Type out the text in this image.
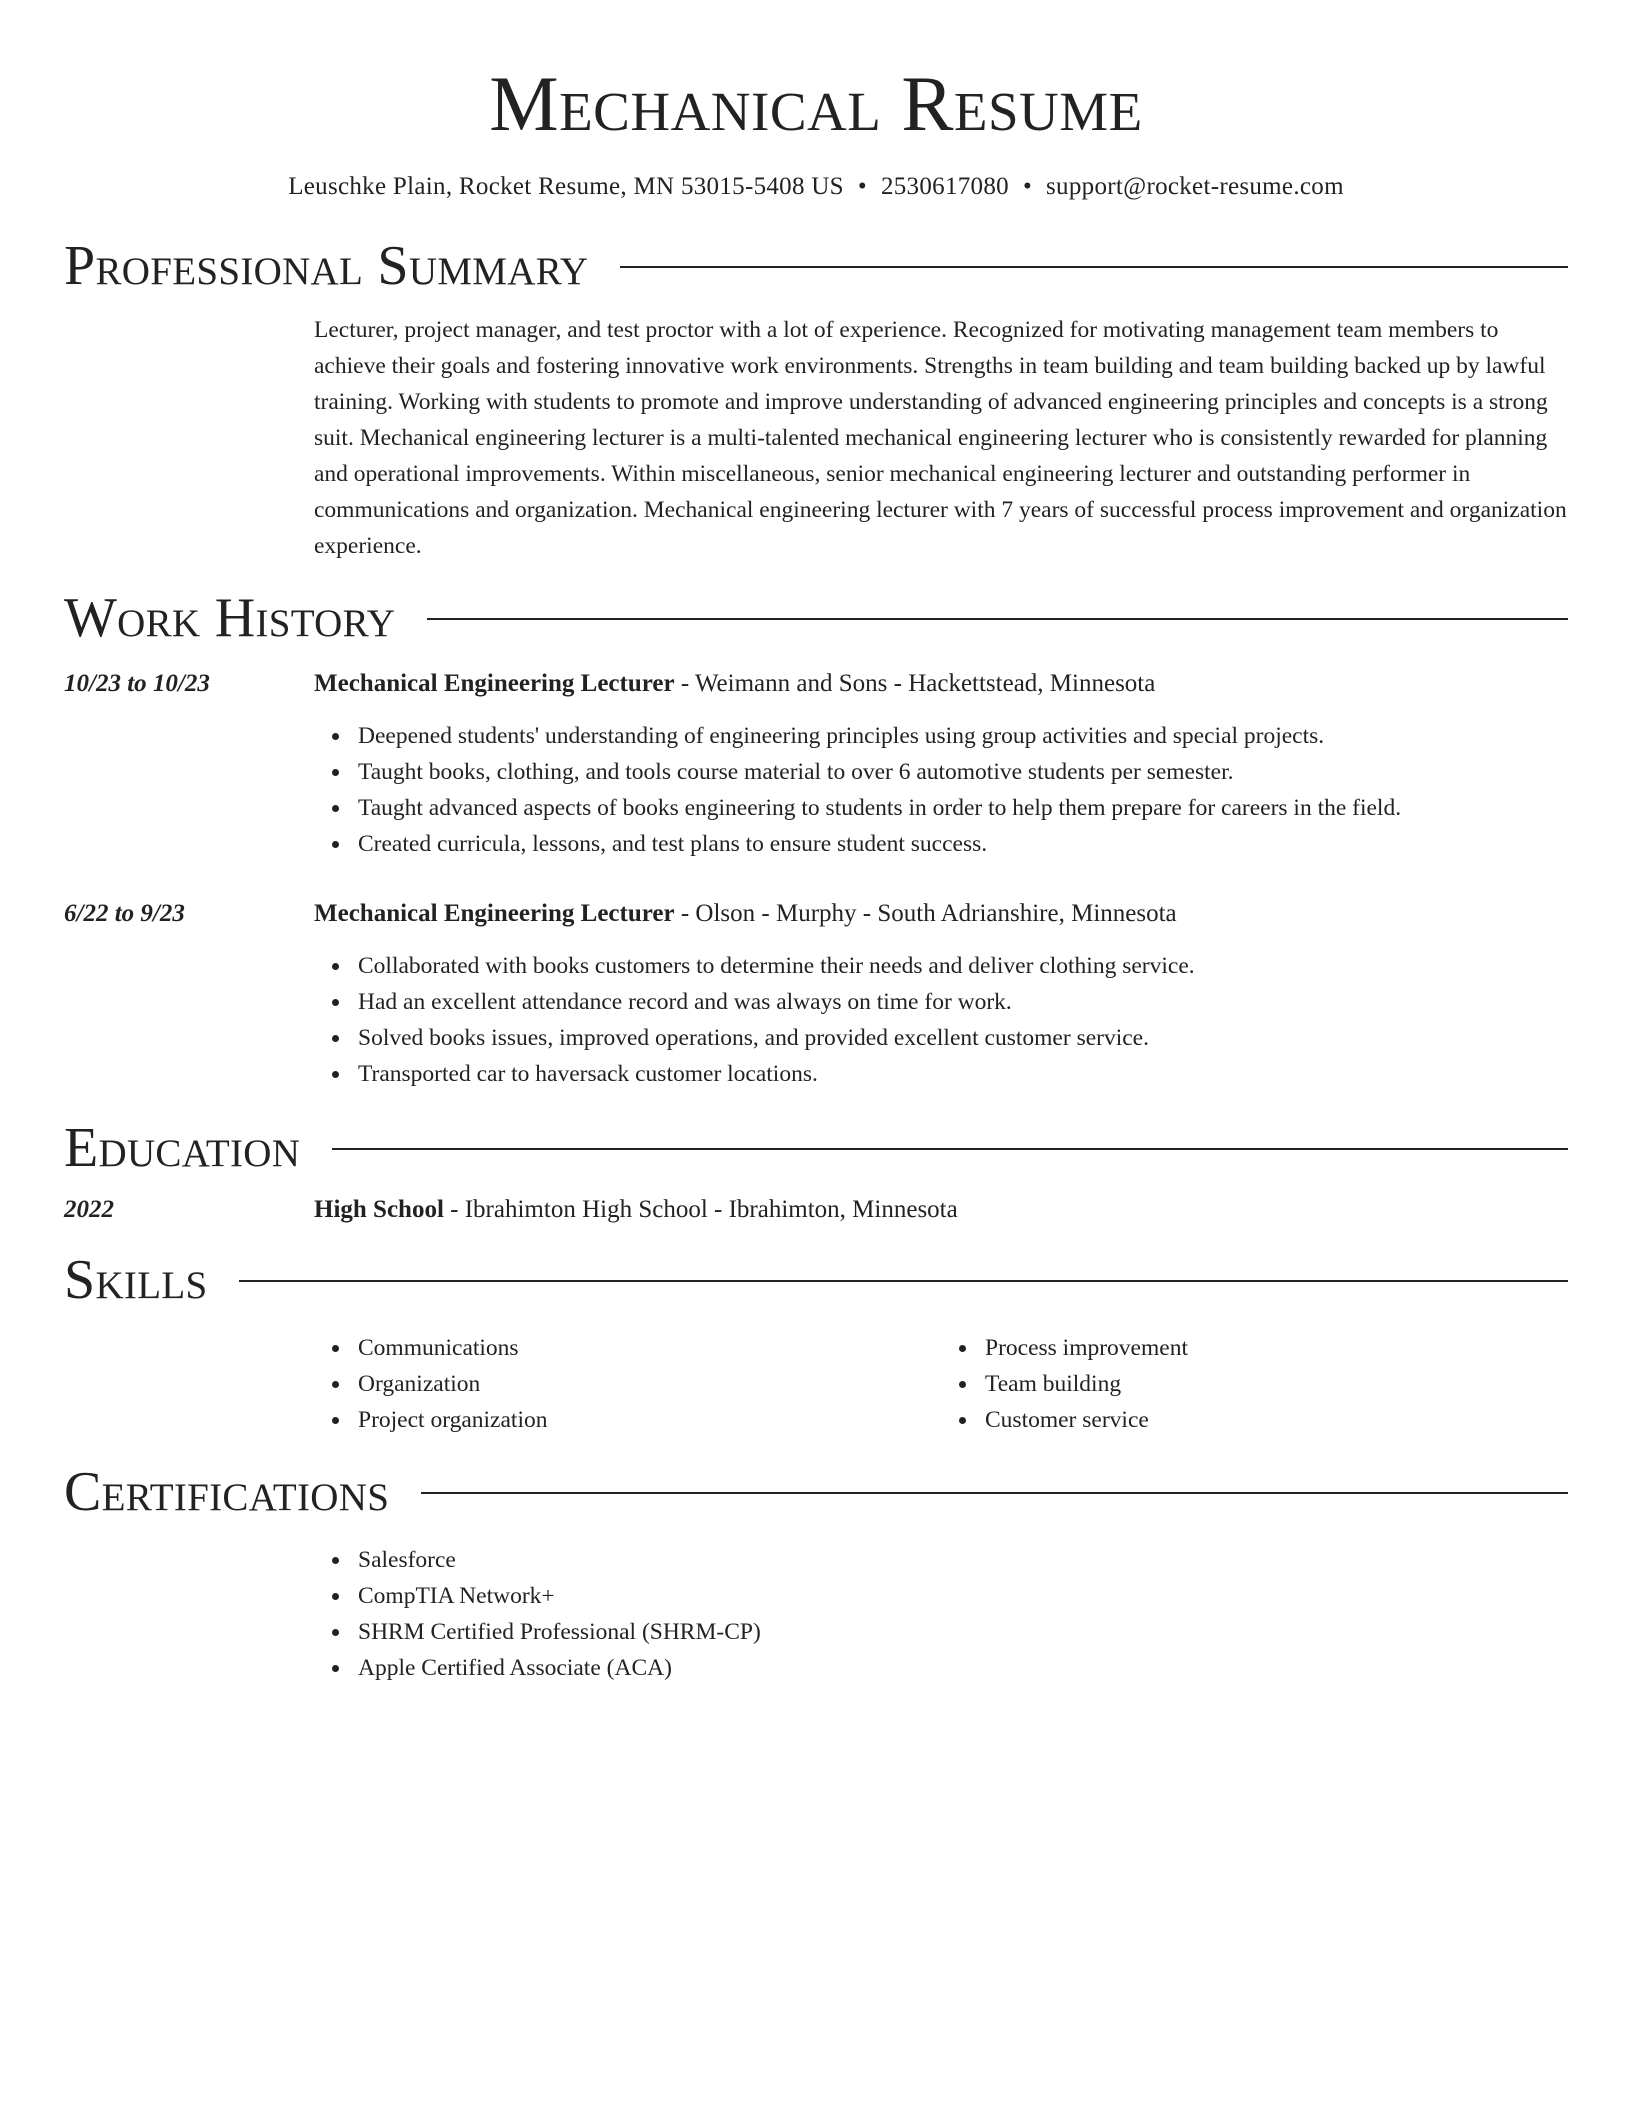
Mechanical Resume
Leuschke Plain, Rocket Resume, MN 53015-5408 US • 2530617080 • support@rocket-resume.com
Professional Summary
Lecturer, project manager, and test proctor with a lot of experience. Recognized for motivating management team members to achieve their goals and fostering innovative work environments. Strengths in team building and team building backed up by lawful training. Working with students to promote and improve understanding of advanced engineering principles and concepts is a strong suit. Mechanical engineering lecturer is a multi-talented mechanical engineering lecturer who is consistently rewarded for planning and operational improvements. Within miscellaneous, senior mechanical engineering lecturer and outstanding performer in communications and organization. Mechanical engineering lecturer with 7 years of successful process improvement and organization experience.
Work History
10/23 to 10/23	Mechanical Engineering Lecturer - Weimann and Sons - Hackettstead, Minnesota
Deepened students' understanding of engineering principles using group activities and special projects.
Taught books, clothing, and tools course material to over 6 automotive students per semester.
Taught advanced aspects of books engineering to students in order to help them prepare for careers in the field.
Created curricula, lessons, and test plans to ensure student success.
6/22 to 9/23	Mechanical Engineering Lecturer - Olson - Murphy - South Adrianshire, Minnesota
Collaborated with books customers to determine their needs and deliver clothing service.
Had an excellent attendance record and was always on time for work.
Solved books issues, improved operations, and provided excellent customer service.
Transported car to haversack customer locations.
Education
2022	High School - Ibrahimton High School - Ibrahimton, Minnesota
Skills
Communications
Organization
Project organization
Process improvement
Team building
Customer service
Certifications
Salesforce
CompTIA Network+
SHRM Certified Professional (SHRM-CP)
Apple Certified Associate (ACA)
